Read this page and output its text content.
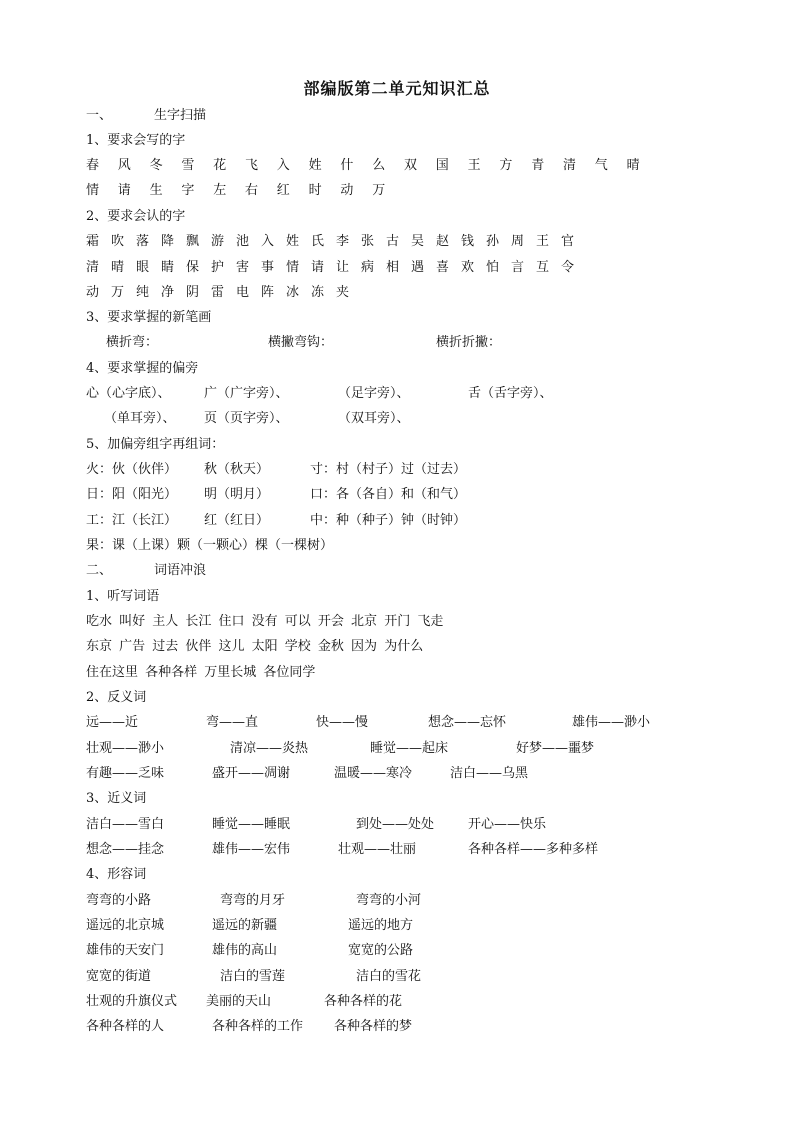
部编版第二单元知识汇总
一、	生字扫描
1、要求会写的字
春风冬雪花飞入姓什么双国王方青清气晴
情请生字左右红时动万
2、要求会认的字
霜吹落降飘游池入姓氏李张古吴赵钱孙周王官
清晴眼睛保护害事情请让病相遇喜欢怕言互令
动万纯净阴雷电阵冰冻夹
3、要求掌握的新笔画
横折弯：	横撇弯钩：	横折折撇：
4、要求掌握的偏旁
心（心字底）、	广（广字旁）、	（足字旁）、	舌（舌字旁）、
（单耳旁）、 页（页字旁）、	（双耳旁）、
5、加偏旁组字再组词：
火：伙（伙伴） 秋（秋天）	寸：村（村子）过（过去）
日：阳（阳光） 明（明月）	口：各（各自）和（和气）
工：江（长江） 红（红日）	中：种（种子）钟（时钟）
果：课（上课）颗（一颗心）棵（一棵树）
二、	词语冲浪
1、听写词语
吃水 叫好 主人 长江 住口 没有 可以 开会 北京 开门 飞走
东京 广告 过去 伙伴 这儿 太阳 学校 金秋 因为 为什么
住在这里 各种各样 万里长城 各位同学
2、反义词
远——近	弯——直	快——慢	想念——忘怀	雄伟——渺小
壮观——渺小	清凉——炎热	睡觉——起床	好梦——噩梦
有趣——乏味	盛开——凋谢	温暖——寒冷	洁白——乌黑
3、近义词
洁白——雪白	睡觉——睡眠	到处——处处	开心——快乐
想念——挂念	雄伟——宏伟	壮观——壮丽	各种各样——多种多样
4、形容词
弯弯的小路	弯弯的月牙	弯弯的小河
遥远的北京城	遥远的新疆	遥远的地方
雄伟的天安门	雄伟的高山	宽宽的公路
宽宽的街道	洁白的雪莲	洁白的雪花
壮观的升旗仪式 美丽的天山	各种各样的花
各种各样的人	各种各样的工作 各种各样的梦
